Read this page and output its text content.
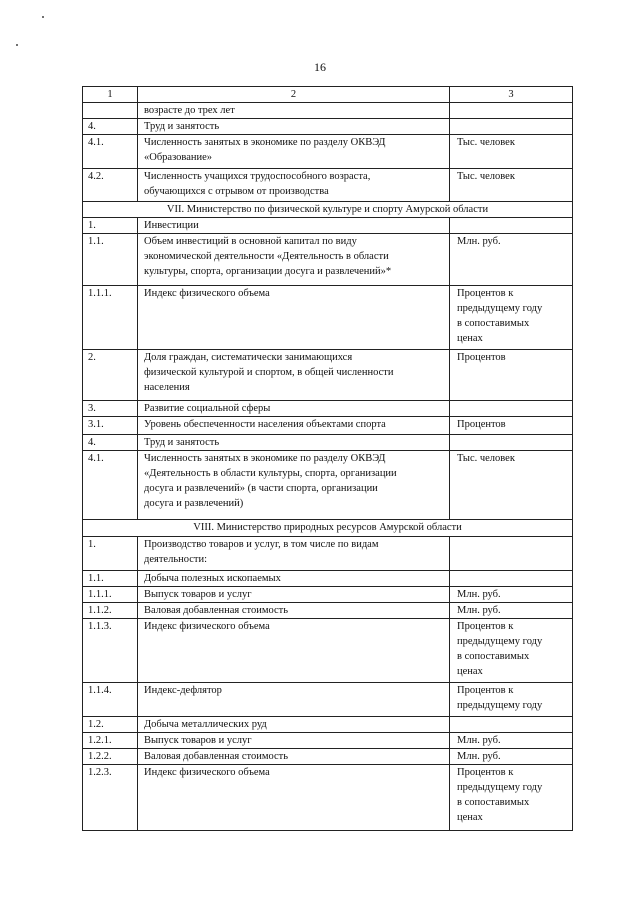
16
1	2	3
	возрасте до трех лет	
4.	Труд и занятость	
4.1.	Численность занятых в экономике по разделу ОКВЭД
«Образование»	Тыс. человек
4.2.	Численность учащихся трудоспособного возраста,
обучающихся с отрывом от производства	Тыс. человек
VII. Министерство по физической культуре и спорту Амурской области		
1.	Инвестиции	
1.1.	Объем инвестиций в основной капитал по виду
экономической деятельности «Деятельность в области
культуры, спорта, организации досуга и развлечений»*	Млн. руб.
1.1.1.	Индекс физического объема	Процентов к
предыдущему году
в сопоставимых
ценах
2.	Доля граждан, систематически занимающихся
физической культурой и спортом, в общей численности
населения	Процентов
3.	Развитие социальной сферы	
3.1.	Уровень обеспеченности населения объектами спорта	Процентов
4.	Труд и занятость	
4.1.	Численность занятых в экономике по разделу ОКВЭД
«Деятельность в области культуры, спорта, организации
досуга и развлечений» (в части спорта, организации
досуга и развлечений)	Тыс. человек
VIII. Министерство природных ресурсов Амурской области		
1.	Производство товаров и услуг, в том числе по видам
деятельности:	
1.1.	Добыча полезных ископаемых	
1.1.1.	Выпуск товаров и услуг	Млн. руб.
1.1.2.	Валовая добавленная стоимость	Млн. руб.
1.1.3.	Индекс физического объема	Процентов к
предыдущему году
в сопоставимых
ценах
1.1.4.	Индекс-дефлятор	Процентов к
предыдущему году
1.2.	Добыча металлических руд	
1.2.1.	Выпуск товаров и услуг	Млн. руб.
1.2.2.	Валовая добавленная стоимость	Млн. руб.
1.2.3.	Индекс физического объема	Процентов к
предыдущему году
в сопоставимых
ценах
